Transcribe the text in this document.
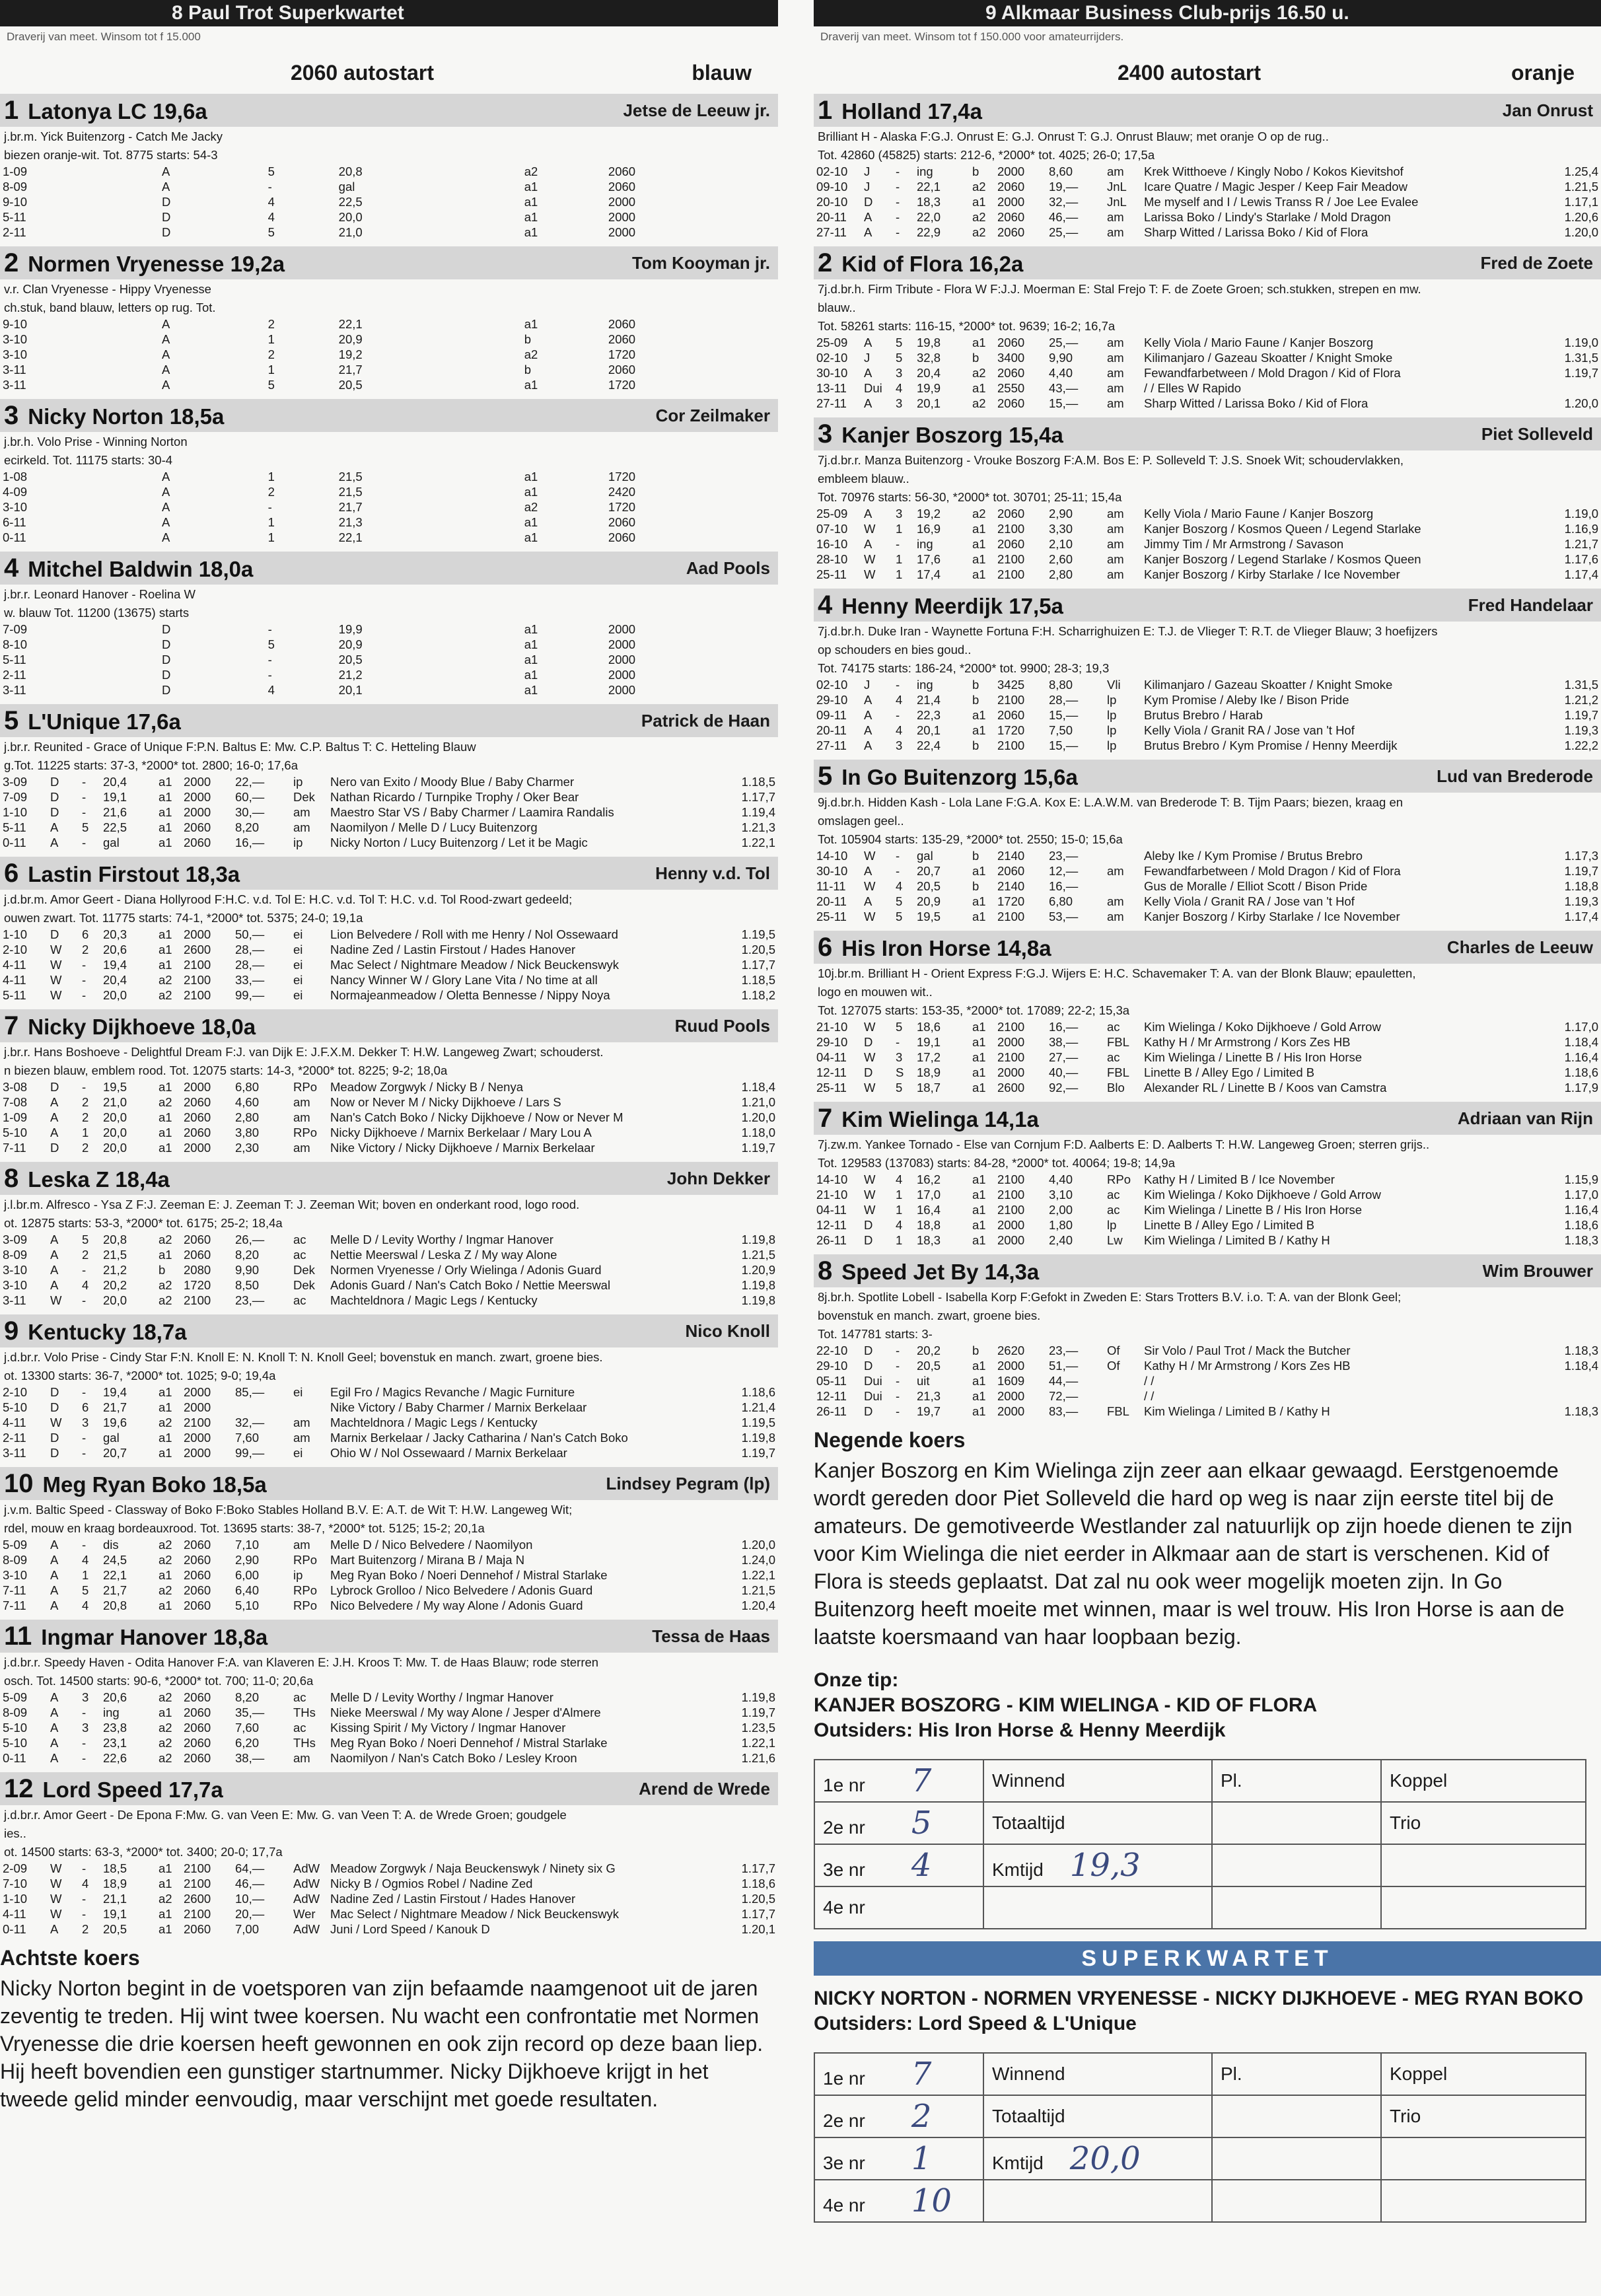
8 Paul Trot Superkwartet
Draverij van meet. Winsom tot f 15.000
2060 autostart	blauw
1 Latonya LC 19,6a	Jetse de Leeuw jr.
j.br.m. Yick Buitenzorg - Catch Me Jacky
biezen oranje-wit. Tot. 8775 starts: 54-3
1-09	A	5	20,8	a2	2060
8-09	A	-	gal	a1	2060
9-10	D	4	22,5	a1	2000
5-11	D	4	20,0	a1	2000
2-11	D	5	21,0	a1	2000
2 Normen Vryenesse 19,2a	Tom Kooyman jr.
v.r. Clan Vryenesse - Hippy Vryenesse
ch.stuk, band blauw, letters op rug. Tot.
9-10	A	2	22,1	a1	2060
3-10	A	1	20,9	b	2060
3-10	A	2	19,2	a2	1720
3-11	A	1	21,7	b	2060
3-11	A	5	20,5	a1	1720
3 Nicky Norton 18,5a	Cor Zeilmaker
j.br.h. Volo Prise - Winning Norton
ecirkeld. Tot. 11175 starts: 30-4
1-08	A	1	21,5	a1	1720
4-09	A	2	21,5	a1	2420
3-10	A	-	21,7	a2	1720
6-11	A	1	21,3	a1	2060
0-11	A	1	22,1	a1	2060
4 Mitchel Baldwin 18,0a	Aad Pools
j.br.r. Leonard Hanover - Roelina W
w. blauw Tot. 11200 (13675) starts
7-09	D	-	19,9	a1	2000
8-10	D	5	20,9	a1	2000
5-11	D	-	20,5	a1	2000
2-11	D	-	21,2	a1	2000
3-11	D	4	20,1	a1	2000
5 L'Unique 17,6a	Patrick de Haan
j.br.r. Reunited - Grace of Unique F:P.N. Baltus E: Mw. C.P. Baltus T: C. Hetteling Blauw
g.Tot. 11225 starts: 37-3, *2000* tot. 2800; 16-0; 17,6a
3-09	D	-	20,4	a1	2000	22,—	ip	Nero van Exito / Moody Blue / Baby Charmer	1.18,5
7-09	D	-	19,1	a1	2000	60,—	Dek	Nathan Ricardo / Turnpike Trophy / Oker Bear	1.17,7
1-10	D	-	21,6	a1	2000	30,—	am	Maestro Star VS / Baby Charmer / Laamira Randalis	1.19,4
5-11	A	5	22,5	a1	2060	8,20	am	Naomilyon / Melle D / Lucy Buitenzorg	1.21,3
0-11	A	-	gal	a1	2060	16,—	ip	Nicky Norton / Lucy Buitenzorg / Let it be Magic	1.22,1
6 Lastin Firstout 18,3a	Henny v.d. Tol
j.d.br.m. Amor Geert - Diana Hollyrood F:H.C. v.d. Tol E: H.C. v.d. Tol T: H.C. v.d. Tol Rood-zwart gedeeld;
ouwen zwart. Tot. 11775 starts: 74-1, *2000* tot. 5375; 24-0; 19,1a
1-10	D	6	20,3	a1	2000	50,—	ei	Lion Belvedere / Roll with me Henry / Nol Ossewaard	1.19,5
2-10	W	2	20,6	a1	2600	28,—	ei	Nadine Zed / Lastin Firstout / Hades Hanover	1.20,5
4-11	W	-	19,4	a1	2100	28,—	ei	Mac Select / Nightmare Meadow / Nick Beuckenswyk	1.17,7
4-11	W	-	20,4	a2	2100	33,—	ei	Nancy Winner W / Glory Lane Vita / No time at all	1.18,5
5-11	W	-	20,0	a2	2100	99,—	ei	Normajeanmeadow / Oletta Bennesse / Nippy Noya	1.18,2
7 Nicky Dijkhoeve 18,0a	Ruud Pools
j.br.r. Hans Boshoeve - Delightful Dream F:J. van Dijk E: J.F.X.M. Dekker T: H.W. Langeweg Zwart; schouderst.
n biezen blauw, emblem rood. Tot. 12075 starts: 14-3, *2000* tot. 8225; 9-2; 18,0a
3-08	D	-	19,5	a1	2000	6,80	RPo	Meadow Zorgwyk / Nicky B / Nenya	1.18,4
7-08	A	2	21,0	a2	2060	4,60	am	Now or Never M / Nicky Dijkhoeve / Lars S	1.21,0
1-09	A	2	20,0	a1	2060	2,80	am	Nan's Catch Boko / Nicky Dijkhoeve / Now or Never M	1.20,0
5-10	A	1	20,0	a1	2060	3,80	RPo	Nicky Dijkhoeve / Marnix Berkelaar / Mary Lou A	1.18,0
7-11	D	2	20,0	a1	2000	2,30	am	Nike Victory / Nicky Dijkhoeve / Marnix Berkelaar	1.19,7
8 Leska Z 18,4a	John Dekker
j.l.br.m. Alfresco - Ysa Z F:J. Zeeman E: J. Zeeman T: J. Zeeman Wit; boven en onderkant rood, logo rood.
ot. 12875 starts: 53-3, *2000* tot. 6175; 25-2; 18,4a
3-09	A	5	20,8	a2	2060	26,—	ac	Melle D / Levity Worthy / Ingmar Hanover	1.19,8
8-09	A	2	21,5	a1	2060	8,20	ac	Nettie Meerswal / Leska Z / My way Alone	1.21,5
3-10	A	-	21,2	b	2080	9,90	Dek	Normen Vryenesse / Orly Wielinga / Adonis Guard	1.20,9
3-10	A	4	20,2	a2	1720	8,50	Dek	Adonis Guard / Nan's Catch Boko / Nettie Meerswal	1.19,8
3-11	W	-	20,0	a2	2100	23,—	ac	Machteldnora / Magic Legs / Kentucky	1.19,8
9 Kentucky 18,7a	Nico Knoll
j.d.br.r. Volo Prise - Cindy Star F:N. Knoll E: N. Knoll T: N. Knoll Geel; bovenstuk en manch. zwart, groene bies.
ot. 13300 starts: 36-7, *2000* tot. 1025; 9-0; 19,4a
2-10	D	-	19,4	a1	2000	85,—	ei	Egil Fro / Magics Revanche / Magic Furniture	1.18,6
5-10	D	6	21,7	a1	2000			Nike Victory / Baby Charmer / Marnix Berkelaar	1.21,4
4-11	W	3	19,6	a2	2100	32,—	am	Machteldnora / Magic Legs / Kentucky	1.19,5
2-11	D	-	gal	a1	2000	7,60	am	Marnix Berkelaar / Jacky Catharina / Nan's Catch Boko	1.19,8
3-11	D	-	20,7	a1	2000	99,—	ei	Ohio W / Nol Ossewaard / Marnix Berkelaar	1.19,7
10 Meg Ryan Boko 18,5a	Lindsey Pegram (lp)
j.v.m. Baltic Speed - Classway of Boko F:Boko Stables Holland B.V. E: A.T. de Wit T: H.W. Langeweg Wit;
rdel, mouw en kraag bordeauxrood. Tot. 13695 starts: 38-7, *2000* tot. 5125; 15-2; 20,1a
5-09	A	-	dis	a2	2060	7,10	am	Melle D / Nico Belvedere / Naomilyon	1.20,0
8-09	A	4	24,5	a2	2060	2,90	RPo	Mart Buitenzorg / Mirana B / Maja N	1.24,0
3-10	A	1	22,1	a1	2060	6,00	ip	Meg Ryan Boko / Noeri Dennehof / Mistral Starlake	1.22,1
7-11	A	5	21,7	a2	2060	6,40	RPo	Lybrock Grolloo / Nico Belvedere / Adonis Guard	1.21,5
7-11	A	4	20,8	a1	2060	5,10	RPo	Nico Belvedere / My way Alone / Adonis Guard	1.20,4
11 Ingmar Hanover 18,8a	Tessa de Haas
j.d.br.r. Speedy Haven - Odita Hanover F:A. van Klaveren E: J.H. Kroos T: Mw. T. de Haas Blauw; rode sterren
osch. Tot. 14500 starts: 90-6, *2000* tot. 700; 11-0; 20,6a
5-09	A	3	20,6	a2	2060	8,20	ac	Melle D / Levity Worthy / Ingmar Hanover	1.19,8
8-09	A	-	ing	a1	2060	35,—	THs	Nieke Meerswal / My way Alone / Jesper d'Almere	1.19,7
5-10	A	3	23,8	a2	2060	7,60	ac	Kissing Spirit / My Victory / Ingmar Hanover	1.23,5
5-10	A	-	23,1	a2	2060	6,20	THs	Meg Ryan Boko / Noeri Dennehof / Mistral Starlake	1.22,1
0-11	A	-	22,6	a2	2060	38,—	am	Naomilyon / Nan's Catch Boko / Lesley Kroon	1.21,6
12 Lord Speed 17,7a	Arend de Wrede
j.d.br.r. Amor Geert - De Epona F:Mw. G. van Veen E: Mw. G. van Veen T: A. de Wrede Groen; goudgele
ies..
ot. 14500 starts: 63-3, *2000* tot. 3400; 20-0; 17,7a
2-09	W	-	18,5	a1	2100	64,—	AdW	Meadow Zorgwyk / Naja Beuckenswyk / Ninety six G	1.17,7
7-10	W	4	18,9	a1	2100	46,—	AdW	Nicky B / Ogmios Robel / Nadine Zed	1.18,6
1-10	W	-	21,1	a2	2600	10,—	AdW	Nadine Zed / Lastin Firstout / Hades Hanover	1.20,5
4-11	W	-	19,1	a1	2100	20,—	Wer	Mac Select / Nightmare Meadow / Nick Beuckenswyk	1.17,7
0-11	A	2	20,5	a1	2060	7,00	AdW	Juni / Lord Speed / Kanouk D	1.20,1
Achtste koers

Nicky Norton begint in de voetsporen van zijn befaamde naamgenoot uit de jaren zeventig te treden. Hij wint twee koersen. Nu wacht een confrontatie met Normen Vryenesse die drie koersen heeft gewonnen en ook zijn record op deze baan liep. Hij heeft bovendien een gunstiger startnummer. Nicky Dijkhoeve krijgt in het tweede gelid minder eenvoudig, maar verschijnt met goede resultaten.

9 Alkmaar Business Club-prijs 16.50 u.
Draverij van meet. Winsom tot f 150.000 voor amateurrijders.
2400 autostart	oranje
1 Holland 17,4a	Jan Onrust
Brilliant H - Alaska F:G.J. Onrust E: G.J. Onrust T: G.J. Onrust Blauw; met oranje O op de rug..
Tot. 42860 (45825) starts: 212-6, *2000* tot. 4025; 26-0; 17,5a
02-10	J	-	ing	b	2000	8,60	am	Krek Witthoeve / Kingly Nobo / Kokos Kievitshof	1.25,4
09-10	J	-	22,1	a2	2060	19,—	JnL	Icare Quatre / Magic Jesper / Keep Fair Meadow	1.21,5
20-10	D	-	18,3	a1	2000	32,—	JnL	Me myself and I / Lewis Transs R / Joe Lee Evalee	1.17,1
20-11	A	-	22,0	a2	2060	46,—	am	Larissa Boko / Lindy's Starlake / Mold Dragon	1.20,6
27-11	A	-	22,9	a2	2060	25,—	am	Sharp Witted / Larissa Boko / Kid of Flora	1.20,0
2 Kid of Flora 16,2a	Fred de Zoete
7j.d.br.h. Firm Tribute - Flora W F:J.J. Moerman E: Stal Frejo T: F. de Zoete Groen; sch.stukken, strepen en mw.
blauw..
Tot. 58261 starts: 116-15, *2000* tot. 9639; 16-2; 16,7a
25-09	A	5	19,8	a1	2060	25,—	am	Kelly Viola / Mario Faune / Kanjer Boszorg	1.19,0
02-10	J	5	32,8	b	3400	9,90	am	Kilimanjaro / Gazeau Skoatter / Knight Smoke	1.31,5
30-10	A	3	20,4	a2	2060	4,40	am	Fewandfarbetween / Mold Dragon / Kid of Flora	1.19,7
13-11	Dui	4	19,9	a1	2550	43,—	am	/ / Elles W Rapido	
27-11	A	3	20,1	a2	2060	15,—	am	Sharp Witted / Larissa Boko / Kid of Flora	1.20,0
3 Kanjer Boszorg 15,4a	Piet Solleveld
7j.d.br.r. Manza Buitenzorg - Vrouke Boszorg F:A.M. Bos E: P. Solleveld T: J.S. Snoek Wit; schoudervlakken,
embleem blauw..
Tot. 70976 starts: 56-30, *2000* tot. 30701; 25-11; 15,4a
25-09	A	3	19,2	a2	2060	2,90	am	Kelly Viola / Mario Faune / Kanjer Boszorg	1.19,0
07-10	W	1	16,9	a1	2100	3,30	am	Kanjer Boszorg / Kosmos Queen / Legend Starlake	1.16,9
16-10	A	-	ing	a1	2060	2,10	am	Jimmy Tim / Mr Armstrong / Savason	1.21,7
28-10	W	1	17,6	a1	2100	2,60	am	Kanjer Boszorg / Legend Starlake / Kosmos Queen	1.17,6
25-11	W	1	17,4	a1	2100	2,80	am	Kanjer Boszorg / Kirby Starlake / Ice November	1.17,4
4 Henny Meerdijk 17,5a	Fred Handelaar
7j.d.br.h. Duke Iran - Waynette Fortuna F:H. Scharrighuizen E: T.J. de Vlieger T: R.T. de Vlieger Blauw; 3 hoefijzers
op schouders en bies goud..
Tot. 74175 starts: 186-24, *2000* tot. 9900; 28-3; 19,3
02-10	J	-	ing	b	3425	8,80	Vli	Kilimanjaro / Gazeau Skoatter / Knight Smoke	1.31,5
29-10	A	4	21,4	b	2100	28,—	lp	Kym Promise / Aleby Ike / Bison Pride	1.21,2
09-11	A	-	22,3	a1	2060	15,—	lp	Brutus Brebro / Harab	1.19,7
20-11	A	4	20,1	a1	1720	7,50	lp	Kelly Viola / Granit RA / Jose van 't Hof	1.19,3
27-11	A	3	22,4	b	2100	15,—	lp	Brutus Brebro / Kym Promise / Henny Meerdijk	1.22,2
5 In Go Buitenzorg 15,6a	Lud van Brederode
9j.d.br.h. Hidden Kash - Lola Lane F:G.A. Kox E: L.A.W.M. van Brederode T: B. Tijm Paars; biezen, kraag en
omslagen geel..
Tot. 105904 starts: 135-29, *2000* tot. 2550; 15-0; 15,6a
14-10	W	-	gal	b	2140	23,—		Aleby Ike / Kym Promise / Brutus Brebro	1.17,3
30-10	A	-	20,7	a1	2060	12,—	am	Fewandfarbetween / Mold Dragon / Kid of Flora	1.19,7
11-11	W	4	20,5	b	2140	16,—		Gus de Moralle / Elliot Scott / Bison Pride	1.18,8
20-11	A	5	20,9	a1	1720	6,80	am	Kelly Viola / Granit RA / Jose van 't Hof	1.19,3
25-11	W	5	19,5	a1	2100	53,—	am	Kanjer Boszorg / Kirby Starlake / Ice November	1.17,4
6 His Iron Horse 14,8a	Charles de Leeuw
10j.br.m. Brilliant H - Orient Express F:G.J. Wijers E: H.C. Schavemaker T: A. van der Blonk Blauw; epauletten,
logo en mouwen wit..
Tot. 127075 starts: 153-35, *2000* tot. 17089; 22-2; 15,3a
21-10	W	5	18,6	a1	2100	16,—	ac	Kim Wielinga / Koko Dijkhoeve / Gold Arrow	1.17,0
29-10	D	-	19,1	a1	2000	38,—	FBL	Kathy H / Mr Armstrong / Kors Zes HB	1.18,4
04-11	W	3	17,2	a1	2100	27,—	ac	Kim Wielinga / Linette B / His Iron Horse	1.16,4
12-11	D	S	18,9	a1	2000	40,—	FBL	Linette B / Alley Ego / Limited B	1.18,6
25-11	W	5	18,7	a1	2600	92,—	Blo	Alexander RL / Linette B / Koos van Camstra	1.17,9
7 Kim Wielinga 14,1a	Adriaan van Rijn
7j.zw.m. Yankee Tornado - Else van Cornjum F:D. Aalberts E: D. Aalberts T: H.W. Langeweg Groen; sterren grijs..
Tot. 129583 (137083) starts: 84-28, *2000* tot. 40064; 19-8; 14,9a
14-10	W	4	16,2	a1	2100	4,40	RPo	Kathy H / Limited B / Ice November	1.15,9
21-10	W	1	17,0	a1	2100	3,10	ac	Kim Wielinga / Koko Dijkhoeve / Gold Arrow	1.17,0
04-11	W	1	16,4	a1	2100	2,00	ac	Kim Wielinga / Linette B / His Iron Horse	1.16,4
12-11	D	4	18,8	a1	2000	1,80	lp	Linette B / Alley Ego / Limited B	1.18,6
26-11	D	1	18,3	a1	2000	2,40	Lw	Kim Wielinga / Limited B / Kathy H	1.18,3
8 Speed Jet By 14,3a	Wim Brouwer
8j.br.h. Spotlite Lobell - Isabella Korp F:Gefokt in Zweden E: Stars Trotters B.V. i.o. T: A. van der Blonk Geel;
bovenstuk en manch. zwart, groene bies.
Tot. 147781 starts: 3-
22-10	D	-	20,2	b	2620	23,—	Of	Sir Volo / Paul Trot / Mack the Butcher	1.18,3
29-10	D	-	20,5	a1	2000	51,—	Of	Kathy H / Mr Armstrong / Kors Zes HB	1.18,4
05-11	Dui	-	uit	a1	1609	44,—		/ /	
12-11	Dui	-	21,3	a1	2000	72,—		/ /	
26-11	D	-	19,7	a1	2000	83,—	FBL	Kim Wielinga / Limited B / Kathy H	1.18,3
Negende koers

Kanjer Boszorg en Kim Wielinga zijn zeer aan elkaar gewaagd. Eerstgenoemde wordt gereden door Piet Solleveld die hard op weg is naar zijn eerste titel bij de amateurs. De gemotiveerde Westlander zal natuurlijk op zijn hoede dienen te zijn voor Kim Wielinga die niet eerder in Alkmaar aan de start is verschenen. Kid of Flora is steeds geplaatst. Dat zal nu ook weer mogelijk moeten zijn. In Go Buitenzorg heeft moeite met winnen, maar is wel trouw. His Iron Horse is aan de laatste koersmaand van haar loopbaan bezig.

Onze tip:
KANJER BOSZORG - KIM WIELINGA - KID OF FLORA
Outsiders: His Iron Horse & Henny Meerdijk
1e nr 7	Winnend	Pl.	Koppel
2e nr 5	Totaaltijd		Trio
3e nr 4	Kmtijd 19,3		
4e nr			
SUPERKWARTET
NICKY NORTON - NORMEN VRYENESSE - NICKY DIJKHOEVE - MEG RYAN BOKO
Outsiders: Lord Speed & L'Unique
1e nr 7	Winnend	Pl.	Koppel
2e nr 2	Totaaltijd		Trio
3e nr 1	Kmtijd 20,0		
4e nr 10			
